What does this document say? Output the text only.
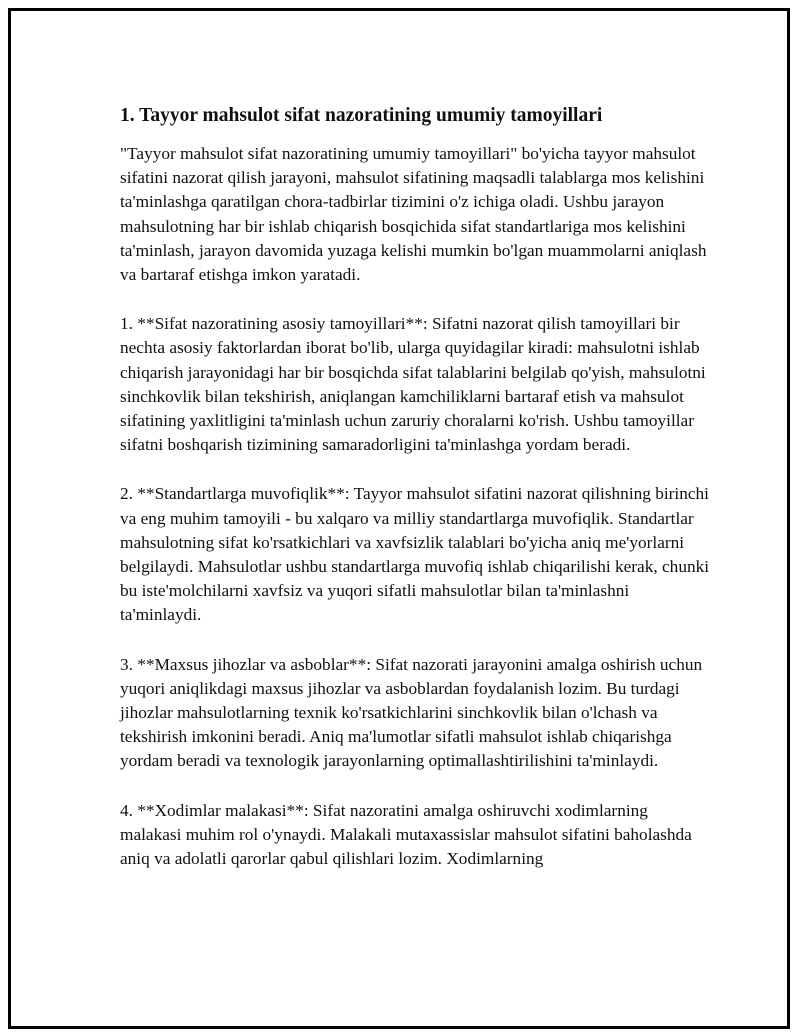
1. Tayyor mahsulot sifat nazoratining umumiy tamoyillari

"Tayyor mahsulot sifat nazoratining umumiy tamoyillari" bo'yicha tayyor mahsulot sifatini nazorat qilish jarayoni, mahsulot sifatining maqsadli talablarga mos kelishini ta'minlashga qaratilgan chora-tadbirlar tizimini o'z ichiga oladi. Ushbu jarayon mahsulotning har bir ishlab chiqarish bosqichida sifat standartlariga mos kelishini ta'minlash, jarayon davomida yuzaga kelishi mumkin bo'lgan muammolarni aniqlash va bartaraf etishga imkon yaratadi.

1. **Sifat nazoratining asosiy tamoyillari**: Sifatni nazorat qilish tamoyillari bir nechta asosiy faktorlardan iborat bo'lib, ularga quyidagilar kiradi: mahsulotni ishlab chiqarish jarayonidagi har bir bosqichda sifat talablarini belgilab qo'yish, mahsulotni sinchkovlik bilan tekshirish, aniqlangan kamchiliklarni bartaraf etish va mahsulot sifatining yaxlitligini ta'minlash uchun zaruriy choralarni ko'rish. Ushbu tamoyillar sifatni boshqarish tizimining samaradorligini ta'minlashga yordam beradi.

2. **Standartlarga muvofiqlik**: Tayyor mahsulot sifatini nazorat qilishning birinchi va eng muhim tamoyili - bu xalqaro va milliy standartlarga muvofiqlik. Standartlar mahsulotning sifat ko'rsatkichlari va xavfsizlik talablari bo'yicha aniq me'yorlarni belgilaydi. Mahsulotlar ushbu standartlarga muvofiq ishlab chiqarilishi kerak, chunki bu iste'molchilarni xavfsiz va yuqori sifatli mahsulotlar bilan ta'minlashni ta'minlaydi.

3. **Maxsus jihozlar va asboblar**: Sifat nazorati jarayonini amalga oshirish uchun yuqori aniqlikdagi maxsus jihozlar va asboblardan foydalanish lozim. Bu turdagi jihozlar mahsulotlarning texnik ko'rsatkichlarini sinchkovlik bilan o'lchash va tekshirish imkonini beradi. Aniq ma'lumotlar sifatli mahsulot ishlab chiqarishga yordam beradi va texnologik jarayonlarning optimallashtirilishini ta'minlaydi.

4. **Xodimlar malakasi**: Sifat nazoratini amalga oshiruvchi xodimlarning malakasi muhim rol o'ynaydi. Malakali mutaxassislar mahsulot sifatini baholashda aniq va adolatli qarorlar qabul qilishlari lozim. Xodimlarning
